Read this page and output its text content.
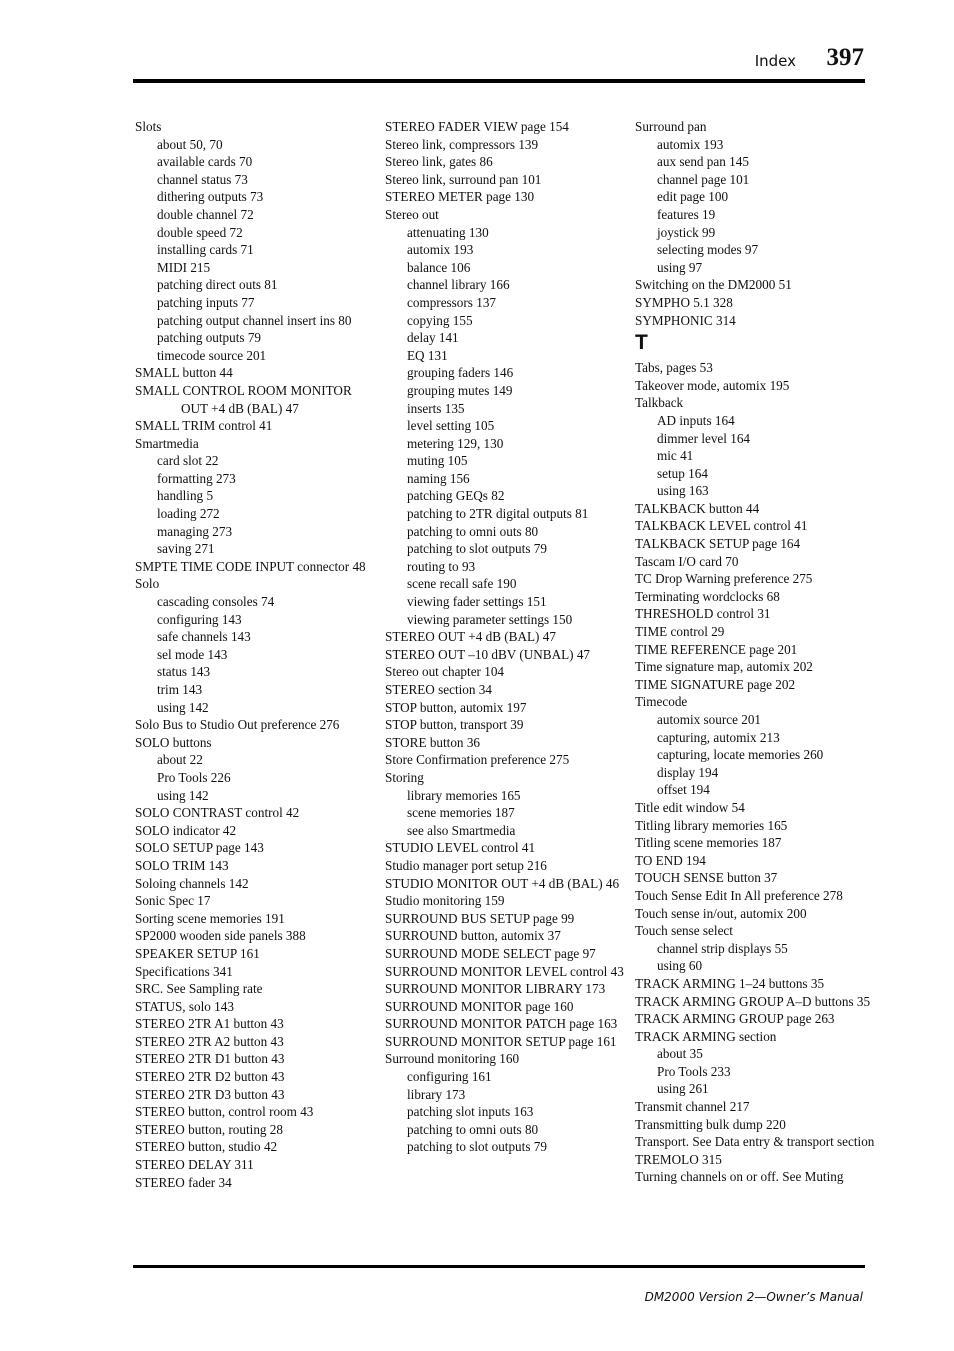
Index	397
Slots
about 50, 70
available cards 70
channel status 73
dithering outputs 73
double channel 72
double speed 72
installing cards 71
MIDI 215
patching direct outs 81
patching inputs 77
patching output channel insert ins 80
patching outputs 79
timecode source 201
SMALL button 44
SMALL CONTROL ROOM MONITOR OUT +4 dB (BAL) 47
SMALL TRIM control 41
Smartmedia
card slot 22
formatting 273
handling 5
loading 272
managing 273
saving 271
SMPTE TIME CODE INPUT connector 48
Solo
cascading consoles 74
configuring 143
safe channels 143
sel mode 143
status 143
trim 143
using 142
Solo Bus to Studio Out preference 276
SOLO buttons
about 22
Pro Tools 226
using 142
SOLO CONTRAST control 42
SOLO indicator 42
SOLO SETUP page 143
SOLO TRIM 143
Soloing channels 142
Sonic Spec 17
Sorting scene memories 191
SP2000 wooden side panels 388
SPEAKER SETUP 161
Specifications 341
SRC. See Sampling rate
STATUS, solo 143
STEREO 2TR A1 button 43
STEREO 2TR A2 button 43
STEREO 2TR D1 button 43
STEREO 2TR D2 button 43
STEREO 2TR D3 button 43
STEREO button, control room 43
STEREO button, routing 28
STEREO button, studio 42
STEREO DELAY 311
STEREO fader 34
STEREO FADER VIEW page 154
Stereo link, compressors 139
Stereo link, gates 86
Stereo link, surround pan 101
STEREO METER page 130
Stereo out
attenuating 130
automix 193
balance 106
channel library 166
compressors 137
copying 155
delay 141
EQ 131
grouping faders 146
grouping mutes 149
inserts 135
level setting 105
metering 129, 130
muting 105
naming 156
patching GEQs 82
patching to 2TR digital outputs 81
patching to omni outs 80
patching to slot outputs 79
routing to 93
scene recall safe 190
viewing fader settings 151
viewing parameter settings 150
STEREO OUT +4 dB (BAL) 47
STEREO OUT –10 dBV (UNBAL) 47
Stereo out chapter 104
STEREO section 34
STOP button, automix 197
STOP button, transport 39
STORE button 36
Store Confirmation preference 275
Storing
library memories 165
scene memories 187
see also Smartmedia
STUDIO LEVEL control 41
Studio manager port setup 216
STUDIO MONITOR OUT +4 dB (BAL) 46
Studio monitoring 159
SURROUND BUS SETUP page 99
SURROUND button, automix 37
SURROUND MODE SELECT page 97
SURROUND MONITOR LEVEL control 43
SURROUND MONITOR LIBRARY 173
SURROUND MONITOR page 160
SURROUND MONITOR PATCH page 163
SURROUND MONITOR SETUP page 161
Surround monitoring 160
configuring 161
library 173
patching slot inputs 163
patching to omni outs 80
patching to slot outputs 79
Surround pan
automix 193
aux send pan 145
channel page 101
edit page 100
features 19
joystick 99
selecting modes 97
using 97
Switching on the DM2000 51
SYMPHO 5.1 328
SYMPHONIC 314
T
Tabs, pages 53
Takeover mode, automix 195
Talkback
AD inputs 164
dimmer level 164
mic 41
setup 164
using 163
TALKBACK button 44
TALKBACK LEVEL control 41
TALKBACK SETUP page 164
Tascam I/O card 70
TC Drop Warning preference 275
Terminating wordclocks 68
THRESHOLD control 31
TIME control 29
TIME REFERENCE page 201
Time signature map, automix 202
TIME SIGNATURE page 202
Timecode
automix source 201
capturing, automix 213
capturing, locate memories 260
display 194
offset 194
Title edit window 54
Titling library memories 165
Titling scene memories 187
TO END 194
TOUCH SENSE button 37
Touch Sense Edit In All preference 278
Touch sense in/out, automix 200
Touch sense select
channel strip displays 55
using 60
TRACK ARMING 1–24 buttons 35
TRACK ARMING GROUP A–D buttons 35
TRACK ARMING GROUP page 263
TRACK ARMING section
about 35
Pro Tools 233
using 261
Transmit channel 217
Transmitting bulk dump 220
Transport. See Data entry & transport section
TREMOLO 315
Turning channels on or off. See Muting
DM2000 Version 2—Owner’s Manual
